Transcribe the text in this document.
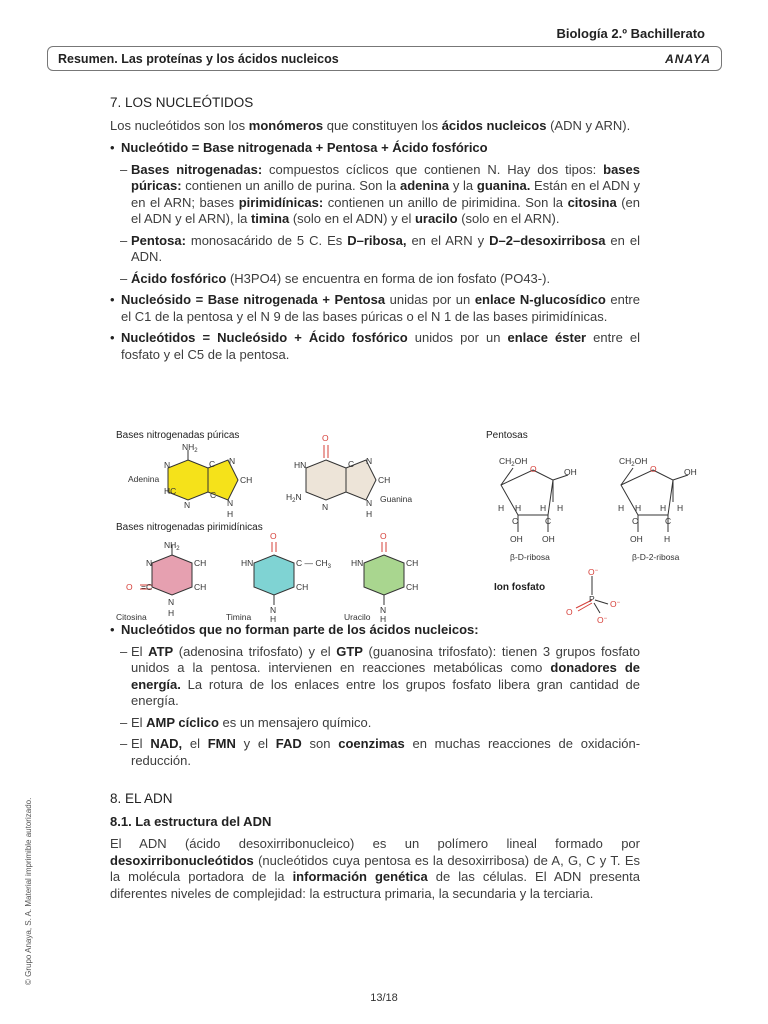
Biología 2.º Bachillerato
Resumen. Las proteínas y los ácidos nucleicos	ANAYA
© Grupo Anaya, S. A. Material imprimible autorizado.
7. LOS NUCLEÓTIDOS

Los nucleótidos son los monómeros que constituyen los ácidos nucleicos (ADN y ARN).

• Nucleótido = Base nitrogenada + Pentosa + Ácido fosfórico
– Bases nitrogenadas: compuestos cíclicos que contienen N. Hay dos tipos: bases púricas: contienen un anillo de purina. Son la adenina y la guanina. Están en el ADN y en el ARN; bases pirimidínicas: contienen un anillo de pirimidina. Son la citosina (en el ADN y el ARN), la timina (solo en el ADN) y el uracilo (solo en el ARN).
– Pentosa: monosacárido de 5 C. Es D–ribosa, en el ARN y D–2–desoxirribosa en el ADN.
– Ácido fosfórico (H3PO4) se encuentra en forma de ion fosfato (PO43-).
• Nucleósido = Base nitrogenada + Pentosa unidas por un enlace N-glucosídico entre el C1 de la pentosa y el N 9 de las bases púricas o el N 1 de las bases pirimidínicas.
• Nucleótidos = Nucleósido + Ácido fosfórico unidos por un enlace éster entre el fosfato y el C5 de la pentosa.
• Nucleótidos que no forman parte de los ácidos nucleicos:
– El ATP (adenosina trifosfato) y el GTP (guanosina trifosfato): tienen 3 grupos fosfato unidos a la pentosa. intervienen en reacciones metabólicas como donadores de energía. La rotura de los enlaces entre los grupos fosfato libera gran cantidad de energía.
– El AMP cíclico es un mensajero químico.
– El NAD, el FMN y el FAD son coenzimas en muchas reacciones de oxidación-reducción.
8. EL ADN
8.1. La estructura del ADN

El ADN (ácido desoxirribonucleico) es un polímero lineal formado por desoxirribonucleótidos (nucleótidos cuya pentosa es la desoxirribosa) de A, G, C y T. Es la molécula portadora de la información genética de las células. El ADN presenta diferentes niveles de complejidad: la estructura primaria, la secundaria y la terciaria.

Bases nitrogenadas púricas
Bases nitrogenadas pirimidínicas
Pentosas
Ion fosfato
$NH_2$
N	C N
CH
HC	C
N	N
H
Adenina
O
HN	C N
CH
$H_2N$
N	N
H
Guanina
$NH_2$
N	CH
CH
O =C
N
H
Citosina
O
HN	C — $CH_3$
CH
N
H
Timina
O
HN	CH
CH
N
H
Uracilo
$CH_2OH$
O	OH
H H H H
C	C
OH OH
β-D-ribosa
$CH_2OH$
O	OH
H H H H
C	C
OH	H
β-D-2-ribosa
O−
P
O
O−
O−
13/18
